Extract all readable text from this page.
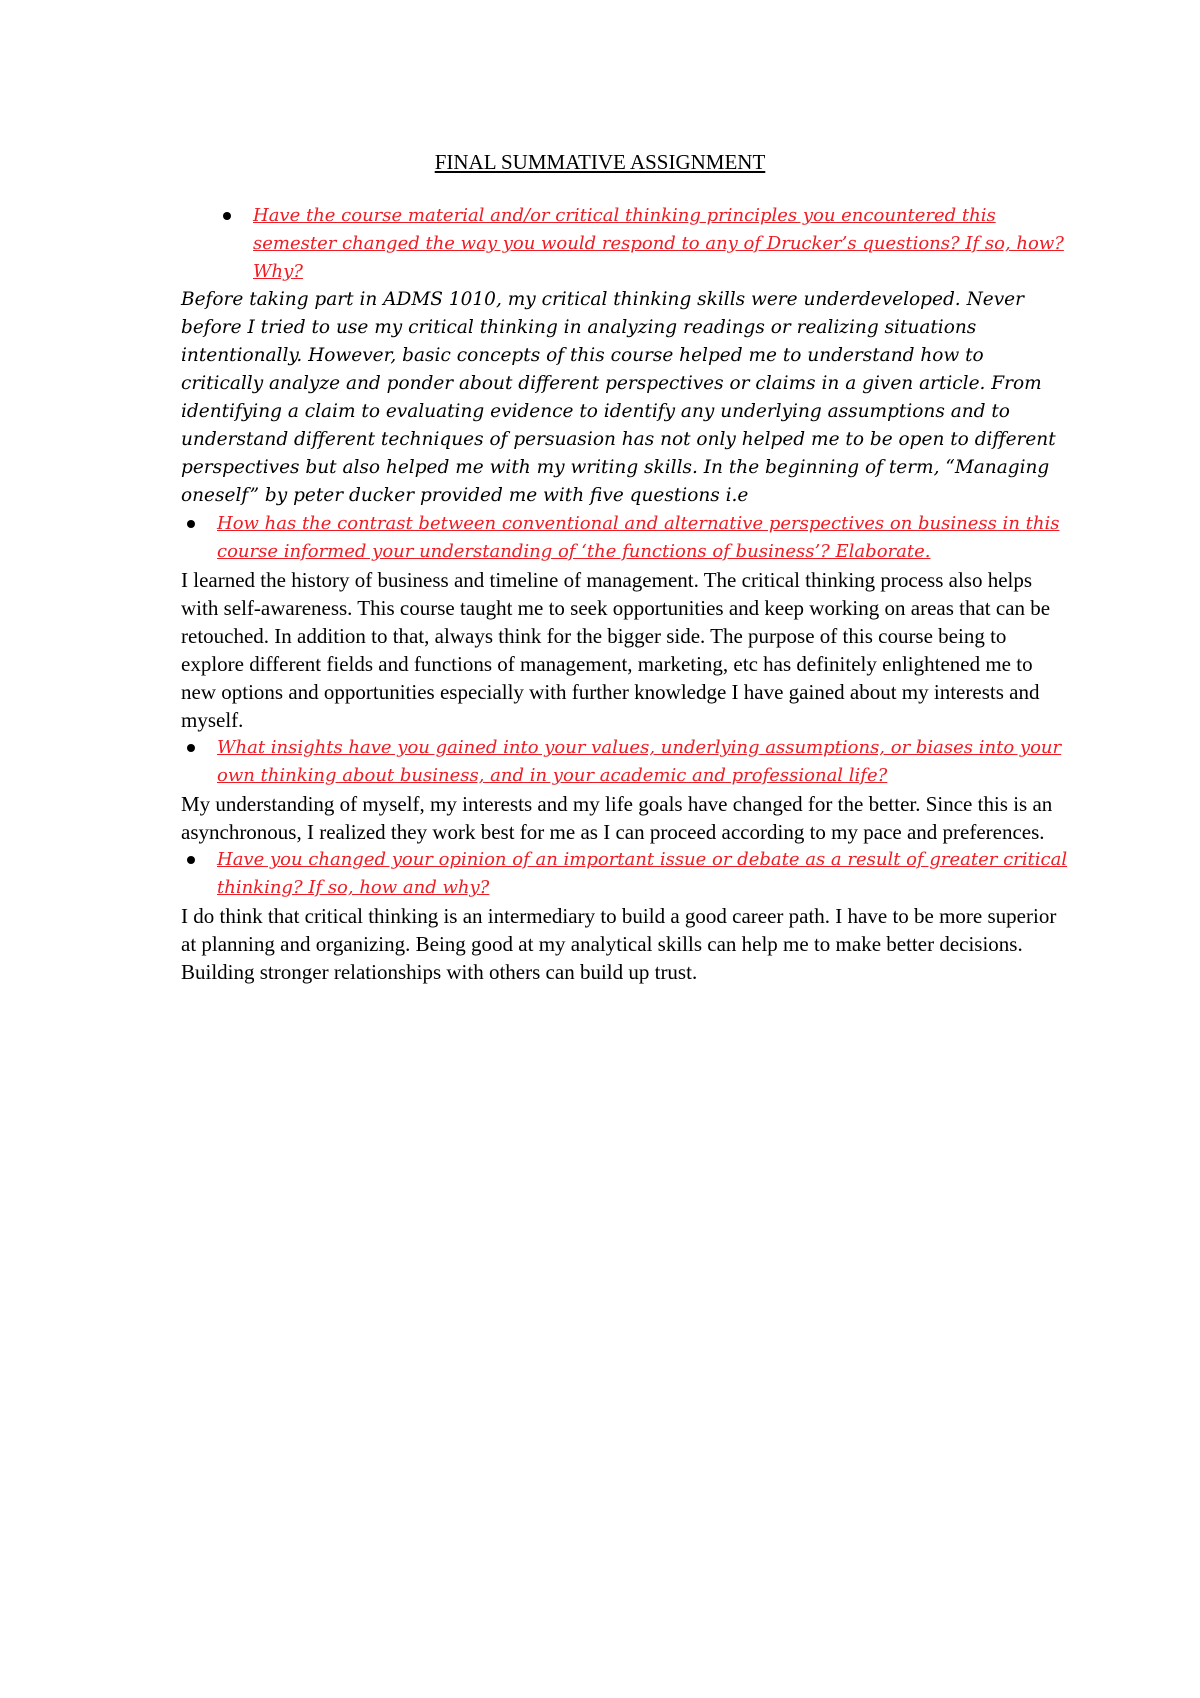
FINAL SUMMATIVE ASSIGNMENT
Have the course material and/or critical thinking principles you encountered this semester changed the way you would respond to any of Drucker’s questions? If so, how? Why?

Before taking part in ADMS 1010, my critical thinking skills were underdeveloped. Never before I tried to use my critical thinking in analyzing readings or realizing situations intentionally. However, basic concepts of this course helped me to understand how to critically analyze and ponder about different perspectives or claims in a given article. From identifying a claim to evaluating evidence to identify any underlying assumptions and to understand different techniques of persuasion has not only helped me to be open to different perspectives but also helped me with my writing skills. In the beginning of term, “Managing oneself” by peter ducker provided me with five questions i.e

How has the contrast between conventional and alternative perspectives on business in this course informed your understanding of ‘the functions of business’? Elaborate.

I learned the history of business and timeline of management. The critical thinking process also helps with self-awareness. This course taught me to seek opportunities and keep working on areas that can be retouched. In addition to that, always think for the bigger side. The purpose of this course being to explore different fields and functions of management, marketing, etc has definitely enlightened me to new options and opportunities especially with further knowledge I have gained about my interests and myself.

What insights have you gained into your values, underlying assumptions, or biases into your own thinking about business, and in your academic and professional life?

My understanding of myself, my interests and my life goals have changed for the better. Since this is an asynchronous, I realized they work best for me as I can proceed according to my pace and preferences.

Have you changed your opinion of an important issue or debate as a result of greater critical thinking? If so, how and why?

I do think that critical thinking is an intermediary to build a good career path. I have to be more superior at planning and organizing. Being good at my analytical skills can help me to make better decisions. Building stronger relationships with others can build up trust.
